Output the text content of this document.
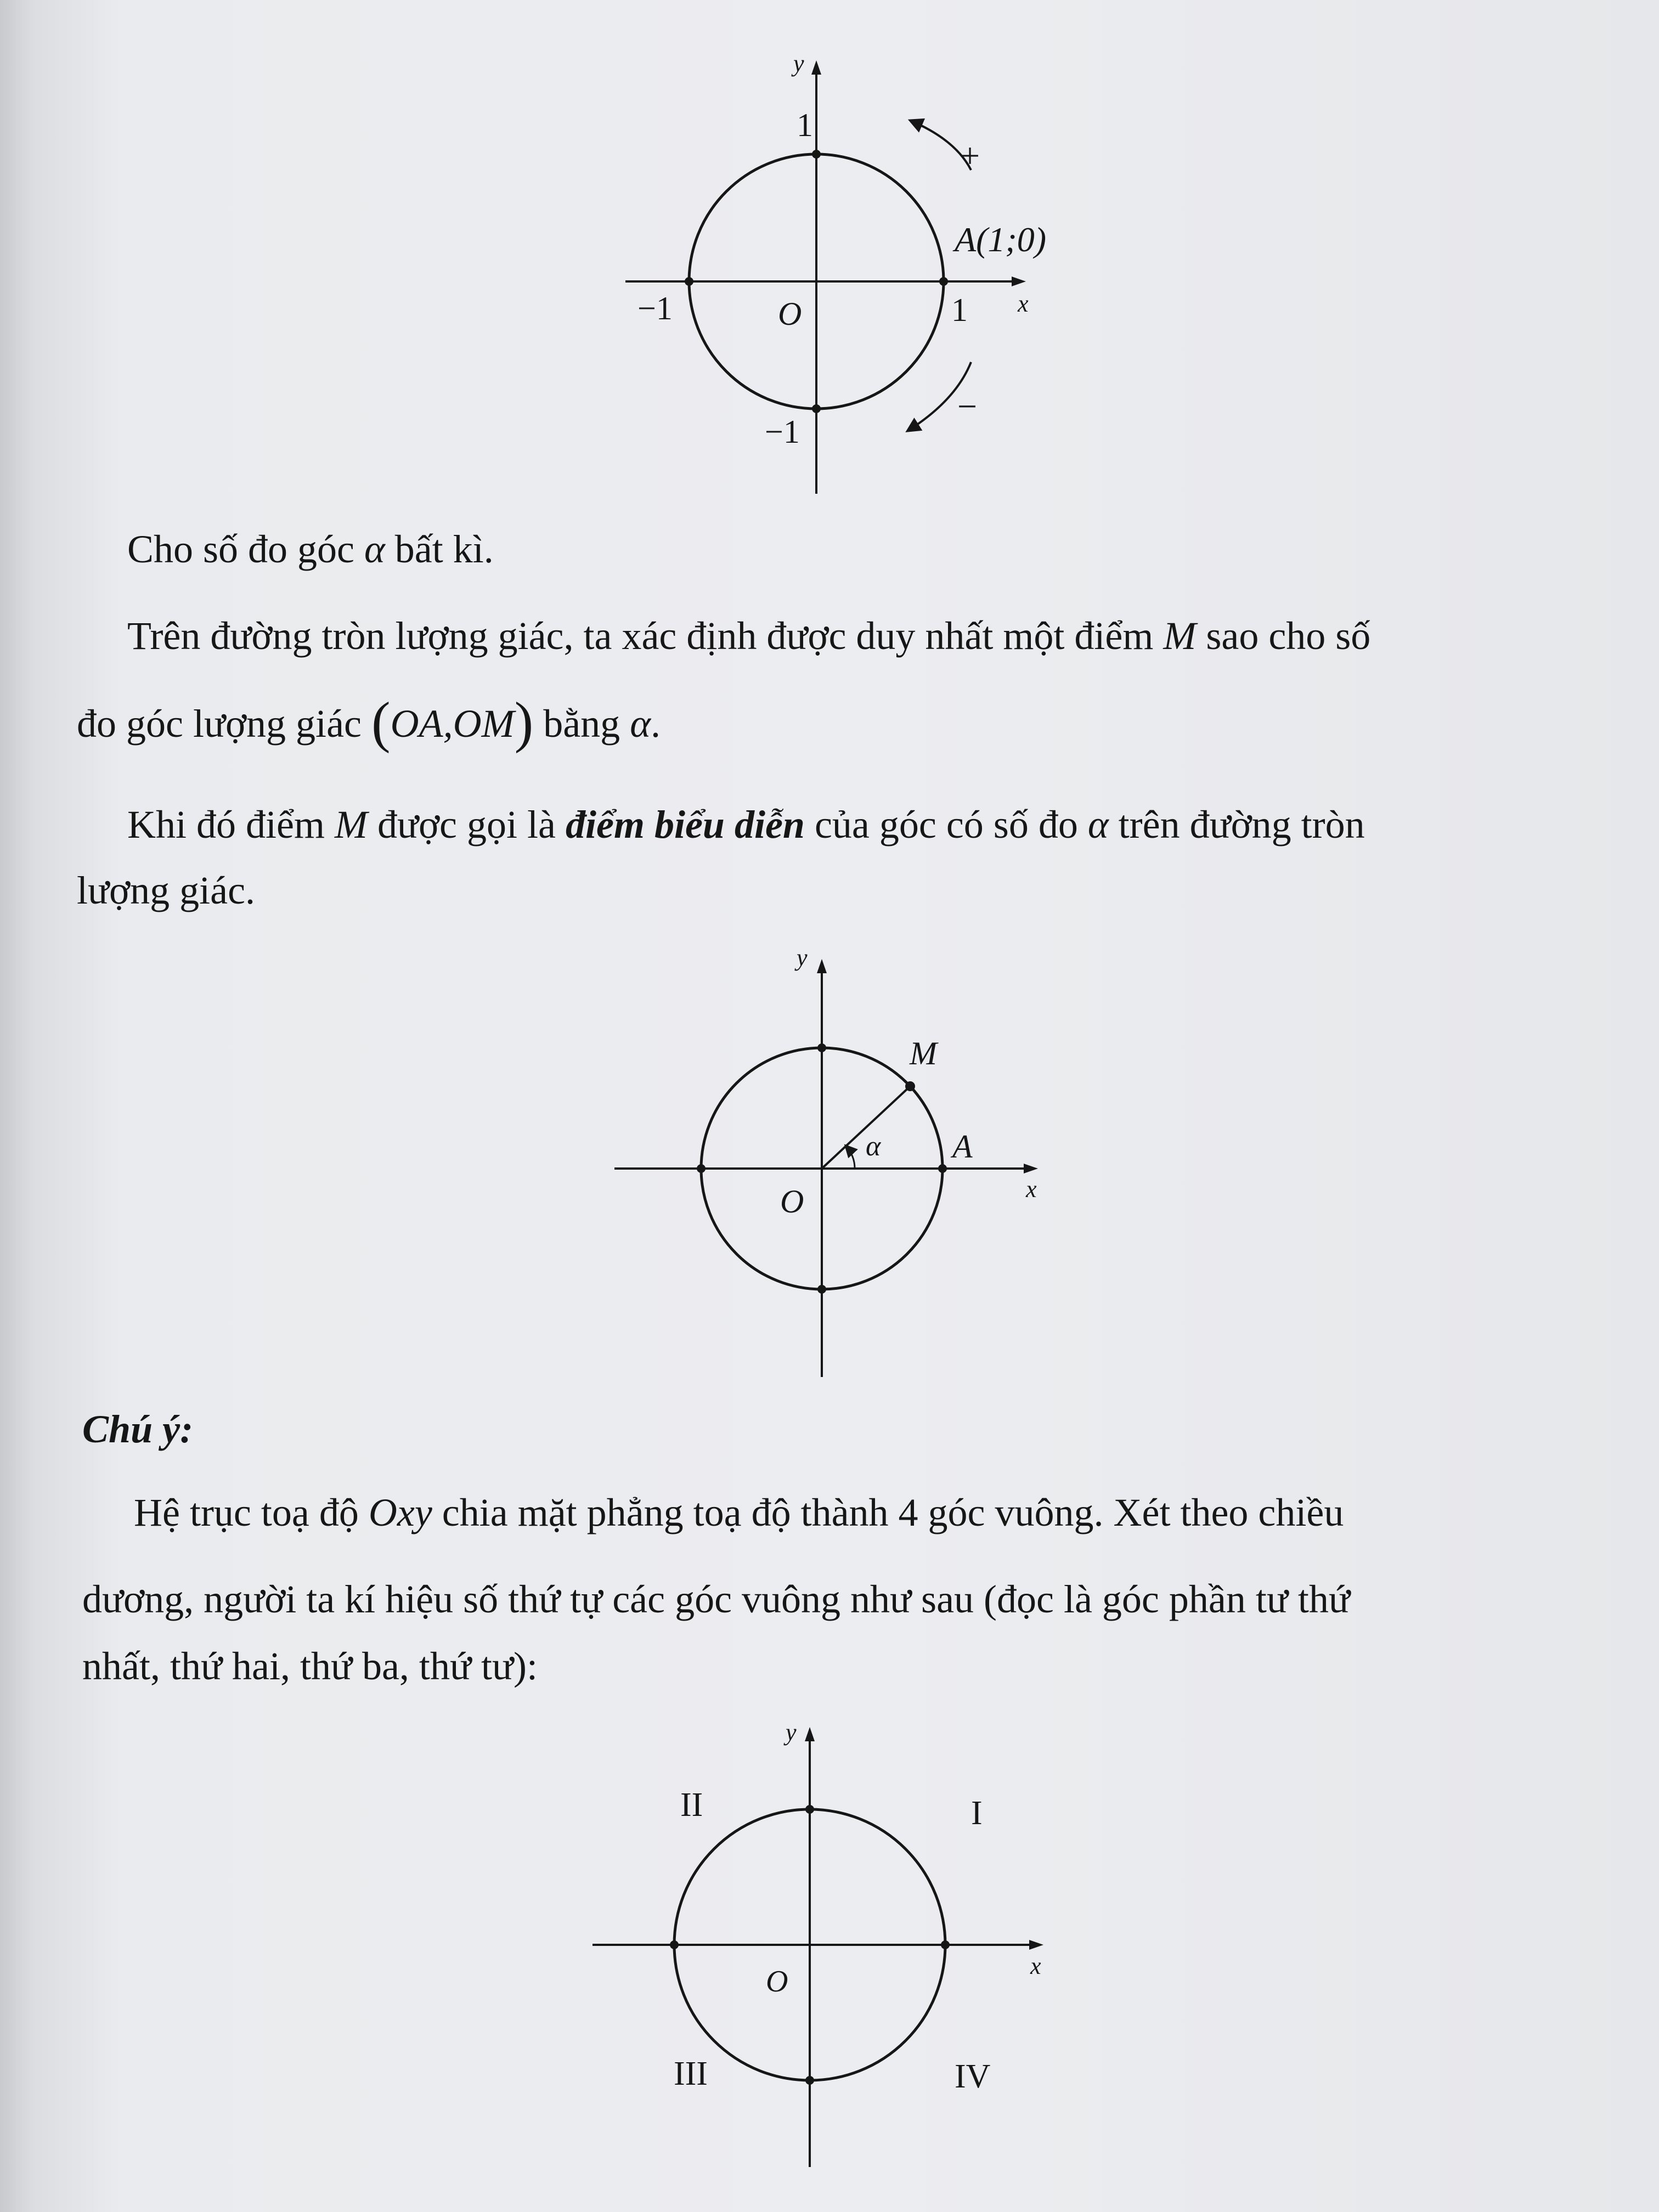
y
x
1
−1	1
−1
O
A(1;0)
+
−

Cho số đo góc α bất kì.

Trên đường tròn lượng giác, ta xác định được duy nhất một điểm M sao cho số

đo góc lượng giác (OA,OM) bằng α.

Khi đó điểm M được gọi là điểm biểu diễn của góc có số đo α trên đường tròn

lượng giác.

y
x
O
M
A
α

Chú ý:

Hệ trục toạ độ Oxy chia mặt phẳng toạ độ thành 4 góc vuông. Xét theo chiều

dương, người ta kí hiệu số thứ tự các góc vuông như sau (đọc là góc phần tư thứ

nhất, thứ hai, thứ ba, thứ tư):

y
x
O
II	I
III	IV
